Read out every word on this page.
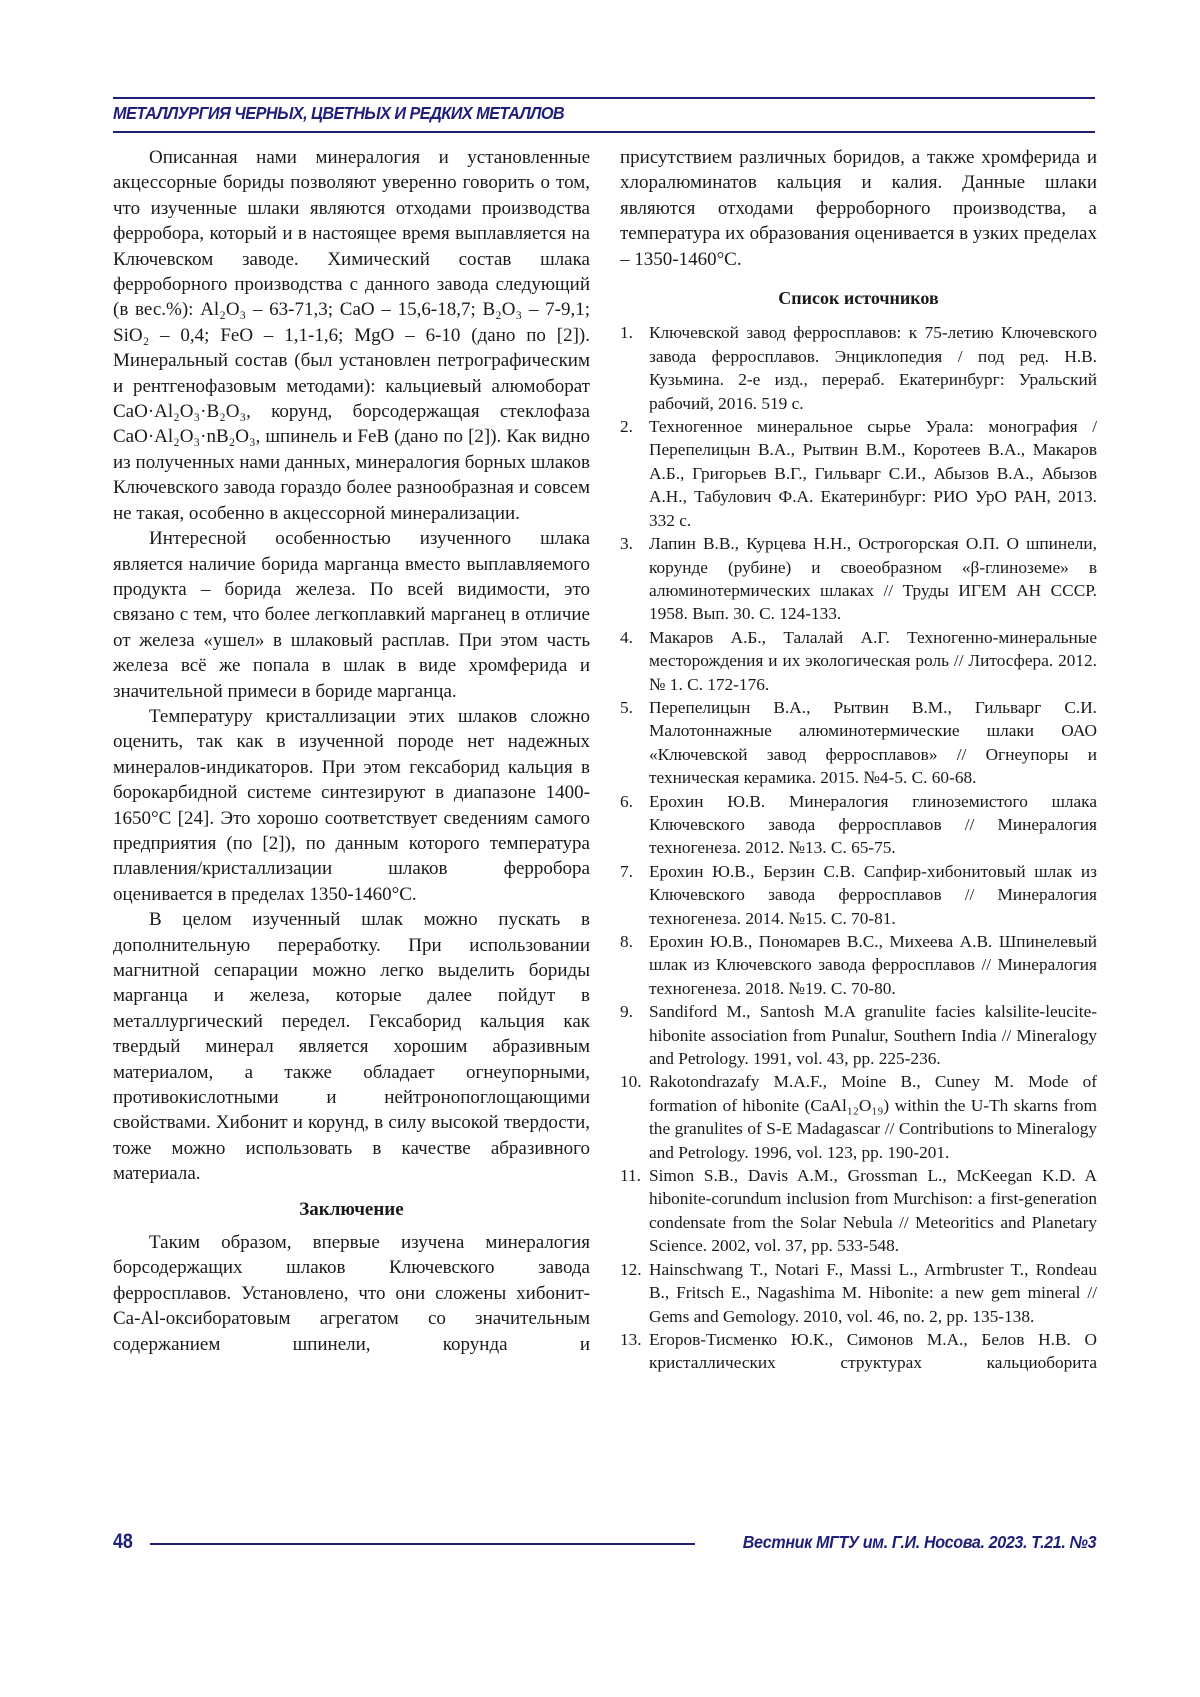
МЕТАЛЛУРГИЯ ЧЕРНЫХ, ЦВЕТНЫХ И РЕДКИХ МЕТАЛЛОВ

Описанная нами минералогия и установленные акцессорные бориды позволяют уверенно говорить о том, что изученные шлаки являются отходами производства ферробора, который и в настоящее время выплавляется на Ключевском заводе. Химический состав шлака ферроборного производства с данного завода следующий (в вес.%): Al₂O₃ – 63-71,3; CaO – 15,6-18,7; B₂O₃ – 7-9,1; SiO₂ – 0,4; FeO – 1,1-1,6; MgO – 6-10 (дано по [2]). Минеральный состав (был установлен петрографическим и рентгенофазовым методами): кальциевый алюмоборат CaO·Al₂O₃·B₂O₃, корунд, борсодержащая стеклофаза CaO·Al₂O₃·nB₂O₃, шпинель и FeB (дано по [2]). Как видно из полученных нами данных, минералогия борных шлаков Ключевского завода гораздо более разнообразная и совсем не такая, особенно в акцессорной минерализации.

Интересной особенностью изученного шлака является наличие борида марганца вместо выплавляемого продукта – борида железа. По всей видимости, это связано с тем, что более легкоплавкий марганец в отличие от железа «ушел» в шлаковый расплав. При этом часть железа всё же попала в шлак в виде хромферида и значительной примеси в бориде марганца.

Температуру кристаллизации этих шлаков сложно оценить, так как в изученной породе нет надежных минералов-индикаторов. При этом гексаборид кальция в борокарбидной системе синтезируют в диапазоне 1400-1650°С [24]. Это хорошо соответствует сведениям самого предприятия (по [2]), по данным которого температура плавления/кристаллизации шлаков ферробора оценивается в пределах 1350-1460°С.

В целом изученный шлак можно пускать в дополнительную переработку. При использовании магнитной сепарации можно легко выделить бориды марганца и железа, которые далее пойдут в металлургический передел. Гексаборид кальция как твердый минерал является хорошим абразивным материалом, а также обладает огнеупорными, противокислотными и нейтронопоглощающими свойствами. Хибонит и корунд, в силу высокой твердости, тоже можно использовать в качестве абразивного материала.

Заключение

Таким образом, впервые изучена минералогия борсодержащих шлаков Ключевского завода ферросплавов. Установлено, что они сложены хибонит-Ca-Al-оксиборатовым агрегатом со значительным содержанием шпинели, корунда и

присутствием различных боридов, а также хромферида и хлоралюминатов кальция и калия. Данные шлаки являются отходами ферроборного производства, а температура их образования оценивается в узких пределах – 1350-1460°С.

Список источников
1. Ключевской завод ферросплавов: к 75-летию Ключевского завода ферросплавов. Энциклопедия / под ред. Н.В. Кузьмина. 2-е изд., перераб. Екатеринбург: Уральский рабочий, 2016. 519 с.
2. Техногенное минеральное сырье Урала: монография / Перепелицын В.А., Рытвин В.М., Коротеев В.А., Макаров А.Б., Григорьев В.Г., Гильварг С.И., Абызов В.А., Абызов А.Н., Табулович Ф.А. Екатеринбург: РИО УрО РАН, 2013. 332 с.
3. Лапин В.В., Курцева Н.Н., Острогорская О.П. О шпинели, корунде (рубине) и своеобразном «β-глиноземе» в алюминотермических шлаках // Труды ИГЕМ АН СССР. 1958. Вып. 30. С. 124-133.
4. Макаров А.Б., Талалай А.Г. Техногенно-минеральные месторождения и их экологическая роль // Литосфера. 2012. № 1. С. 172-176.
5. Перепелицын В.А., Рытвин В.М., Гильварг С.И. Малотоннажные алюминотермические шлаки ОАО «Ключевской завод ферросплавов» // Огнеупоры и техническая керамика. 2015. №4-5. С. 60-68.
6. Ерохин Ю.В. Минералогия глиноземистого шлака Ключевского завода ферросплавов // Минералогия техногенеза. 2012. №13. С. 65-75.
7. Ерохин Ю.В., Берзин С.В. Сапфир-хибонитовый шлак из Ключевского завода ферросплавов // Минералогия техногенеза. 2014. №15. С. 70-81.
8. Ерохин Ю.В., Пономарев В.С., Михеева А.В. Шпинелевый шлак из Ключевского завода ферросплавов // Минералогия техногенеза. 2018. №19. С. 70-80.
9. Sandiford M., Santosh M.A granulite facies kalsilite-leucite-hibonite association from Punalur, Southern India // Mineralogy and Petrology. 1991, vol. 43, pp. 225-236.
10. Rakotondrazafy M.A.F., Moine B., Cuney M. Mode of formation of hibonite (CaAl₁₂O₁₉) within the U-Th skarns from the granulites of S-E Madagascar // Contributions to Mineralogy and Petrology. 1996, vol. 123, pp. 190-201.
11. Simon S.B., Davis A.M., Grossman L., McKeegan K.D. A hibonite-corundum inclusion from Murchison: a first-generation condensate from the Solar Nebula // Meteoritics and Planetary Science. 2002, vol. 37, pp. 533-548.
12. Hainschwang T., Notari F., Massi L., Armbruster T., Rondeau B., Fritsch E., Nagashima M. Hibonite: a new gem mineral // Gems and Gemology. 2010, vol. 46, no. 2, pp. 135-138.
13. Егоров-Тисменко Ю.К., Симонов М.А., Белов Н.В. О кристаллических структурах кальциоборита
48	Вестник МГТУ им. Г.И. Носова. 2023. Т.21. №3
